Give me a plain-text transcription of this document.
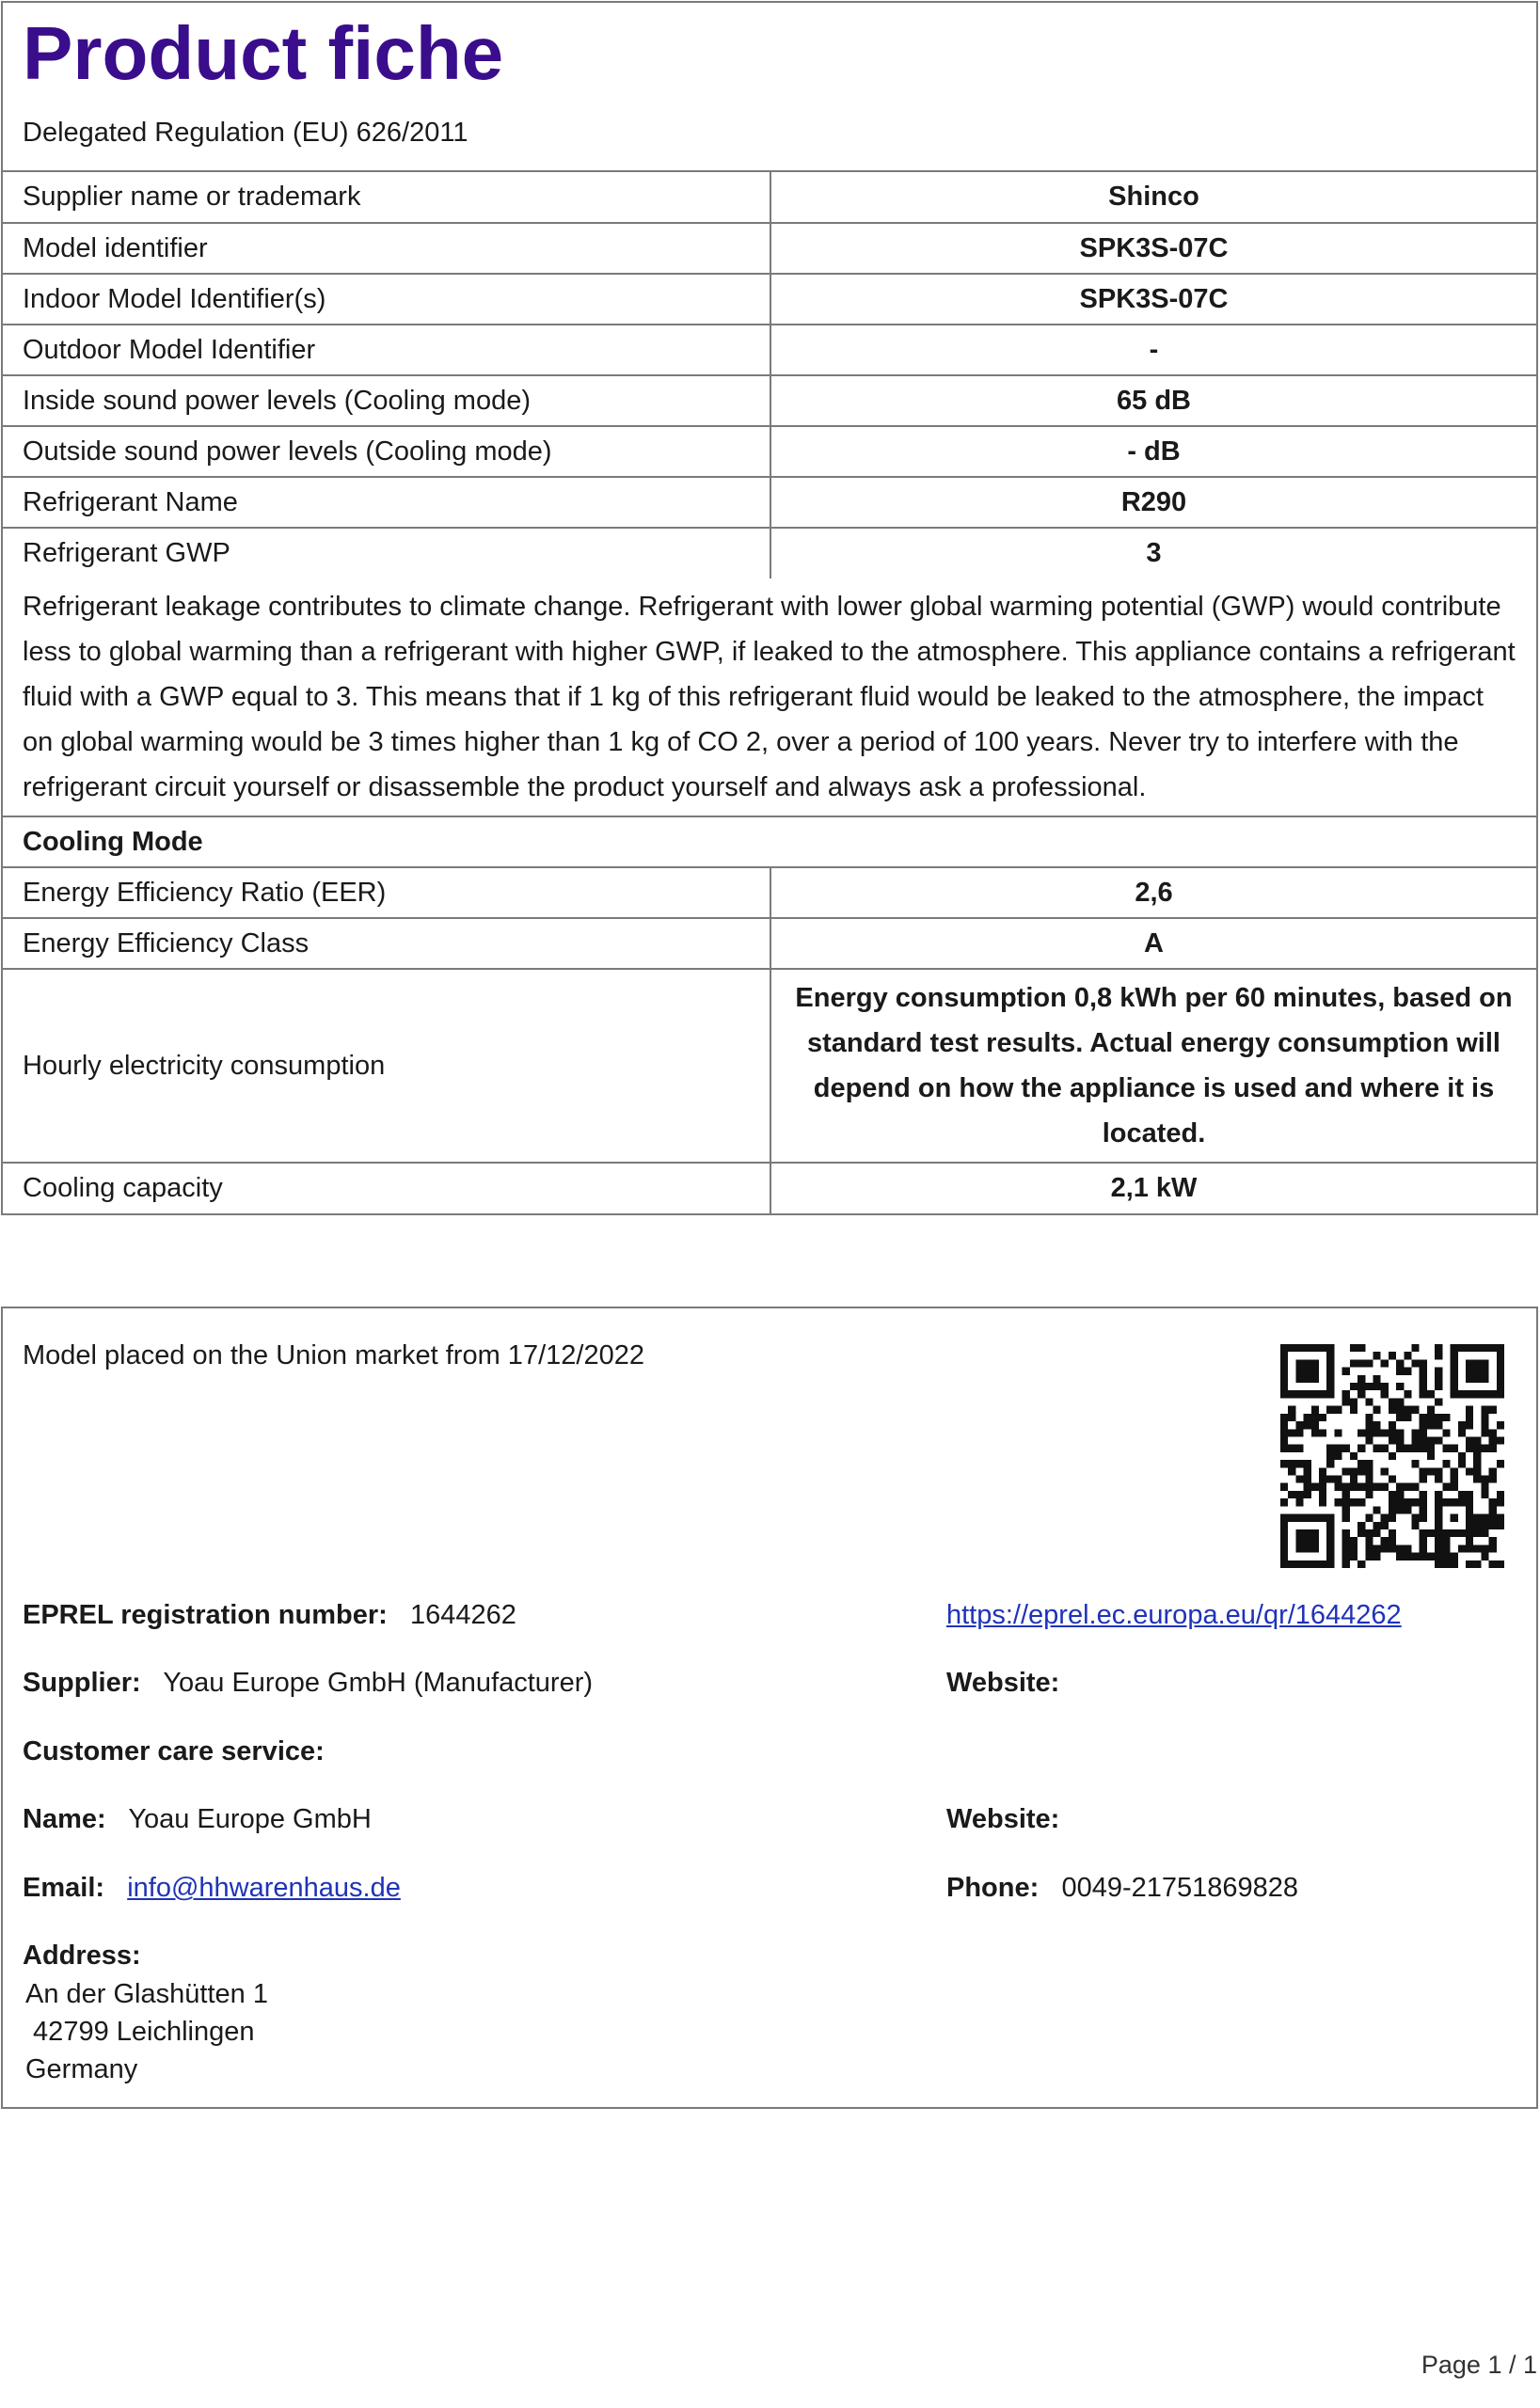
Product fiche
Delegated Regulation (EU) 626/2011
Supplier name or trademark	Shinco
Model identifier	SPK3S-07C
Indoor Model Identifier(s)	SPK3S-07C
Outdoor Model Identifier	-
Inside sound power levels (Cooling mode)	65 dB
Outside sound power levels (Cooling mode)	- dB
Refrigerant Name	R290
Refrigerant GWP	3
Refrigerant leakage contributes to climate change. Refrigerant with lower global warming potential (GWP) would contribute less to global warming than a refrigerant with higher GWP, if leaked to the atmosphere. This appliance contains a refrigerant fluid with a GWP equal to 3. This means that if 1 kg of this refrigerant fluid would be leaked to the atmosphere, the impact on global warming would be 3 times higher than 1 kg of CO 2, over a period of 100 years. Never try to interfere with the refrigerant circuit yourself or disassemble the product yourself and always ask a professional.	
Cooling Mode	
Energy Efficiency Ratio (EER)	2,6
Energy Efficiency Class	A
Hourly electricity consumption	Energy consumption 0,8 kWh per 60 minutes, based on standard test results. Actual energy consumption will depend on how the appliance is used and where it is located.
Cooling capacity	2,1 kW
Model placed on the Union market from 17/12/2022
EPREL registration number: 1644262	https://eprel.ec.europa.eu/qr/1644262
Supplier: Yoau Europe GmbH (Manufacturer)	Website:
Customer care service:
Name: Yoau Europe GmbH	Website:
Email: info@hhwarenhaus.de	Phone: 0049-21751869828
Address:
An der Glashütten 1
42799 Leichlingen
Germany
Page 1 / 1
